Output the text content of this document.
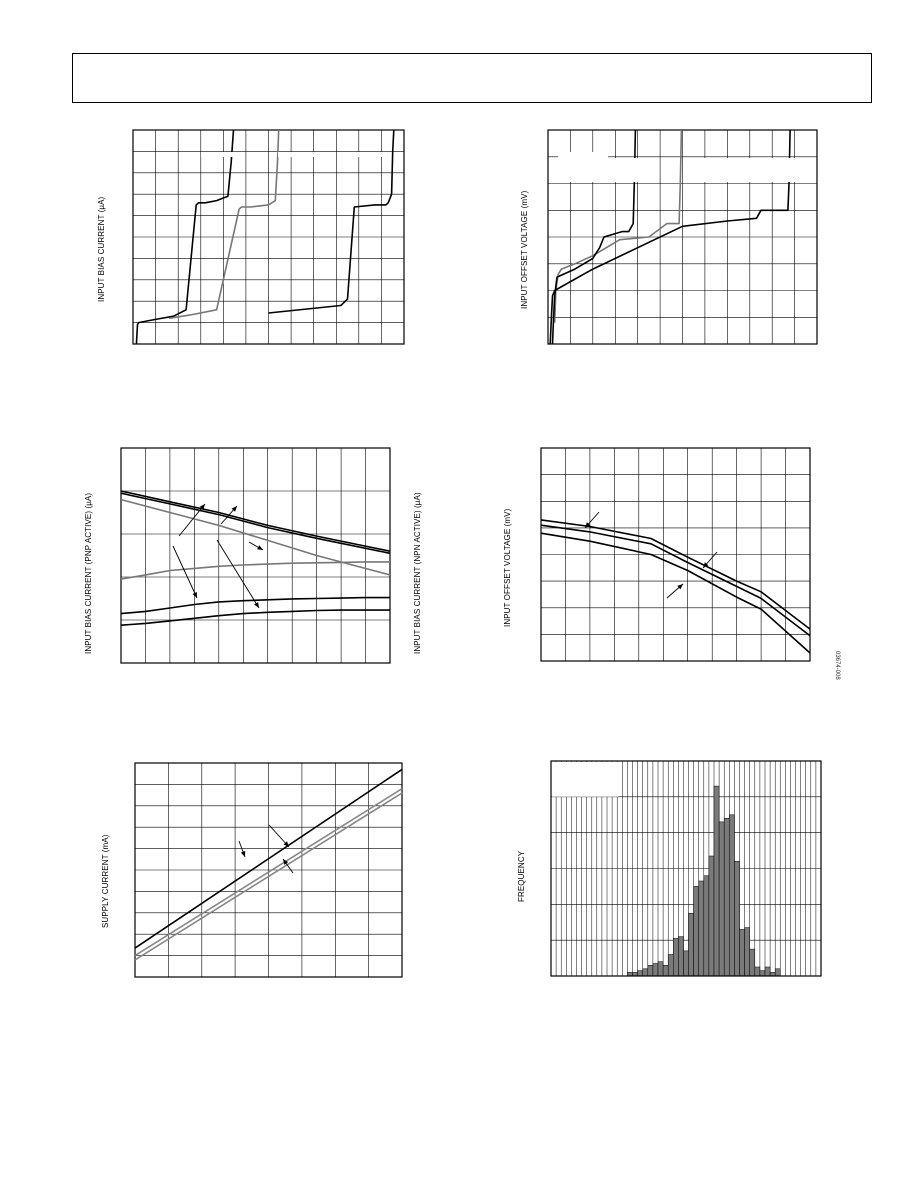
INPUT BIAS CURRENT (µA)	INPUT OFFSET VOLTAGE (mV)
INPUT BIAS CURRENT (PNP ACTIVE) (µA)	INPUT BIAS CURRENT (NPN ACTIVE) (µA)	INPUT OFFSET VOLTAGE (mV)
03674-008
SUPPLY CURRENT (mA)	FREQUENCY
